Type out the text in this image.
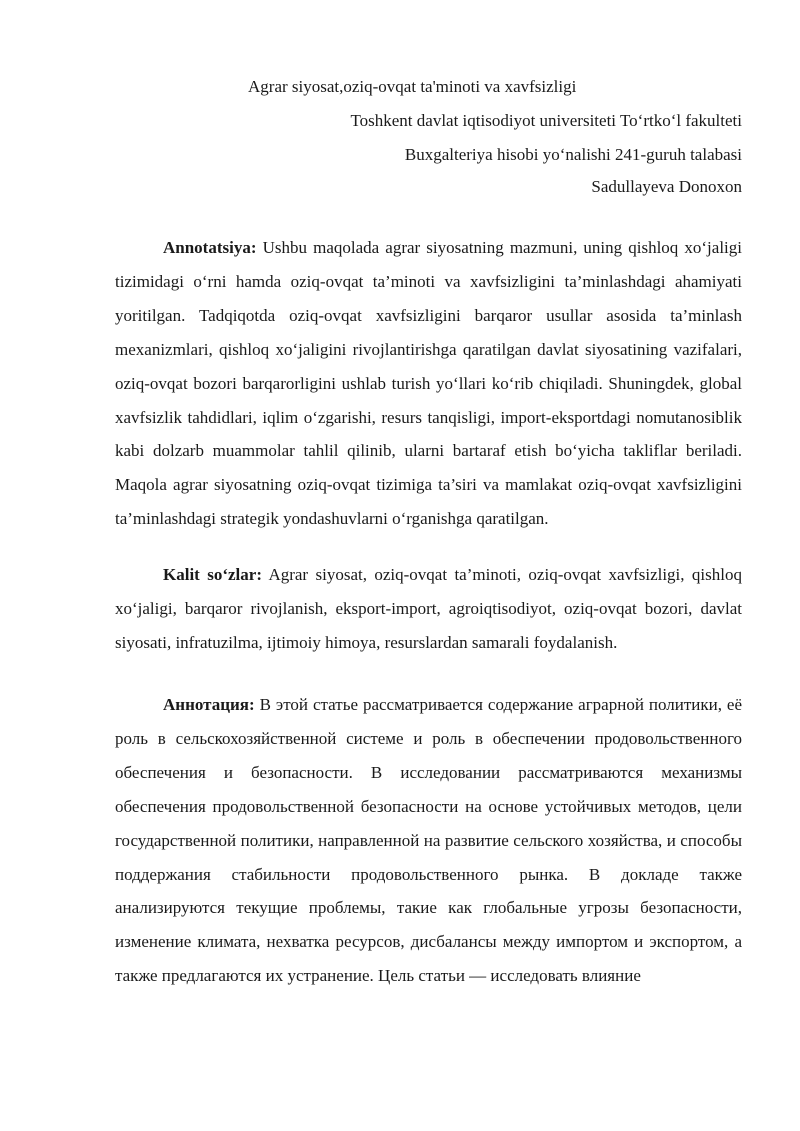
Agrar siyosat,oziq-ovqat ta'minoti va xavfsizligi
Toshkent davlat iqtisodiyot universiteti To‘rtko‘l fakulteti
Buxgalteriya hisobi yo‘nalishi 241-guruh talabasi
Sadullayeva Donoxon

Annotatsiya: Ushbu maqolada agrar siyosatning mazmuni, uning qishloq xo‘jaligi tizimidagi o‘rni hamda oziq-ovqat ta’minoti va xavfsizligini ta’minlashdagi ahamiyati yoritilgan. Tadqiqotda oziq-ovqat xavfsizligini barqaror usullar asosida ta’minlash mexanizmlari, qishloq xo‘jaligini rivojlantirishga qaratilgan davlat siyosatining vazifalari, oziq-ovqat bozori barqarorligini ushlab turish yo‘llari ko‘rib chiqiladi. Shuningdek, global xavfsizlik tahdidlari, iqlim o‘zgarishi, resurs tanqisligi, import-eksportdagi nomutanosiblik kabi dolzarb muammolar tahlil qilinib, ularni bartaraf etish bo‘yicha takliflar beriladi. Maqola agrar siyosatning oziq-ovqat tizimiga ta’siri va mamlakat oziq-ovqat xavfsizligini ta’minlashdagi strategik yondashuvlarni o‘rganishga qaratilgan.

Kalit so‘zlar: Agrar siyosat, oziq-ovqat ta’minoti, oziq-ovqat xavfsizligi, qishloq xo‘jaligi, barqaror rivojlanish, eksport-import, agroiqtisodiyot, oziq-ovqat bozori, davlat siyosati, infratuzilma, ijtimoiy himoya, resurslardan samarali foydalanish.

Аннотация: В этой статье рассматривается содержание аграрной политики, её роль в сельскохозяйственной системе и роль в обеспечении продовольственного обеспечения и безопасности. В исследовании рассматриваются механизмы обеспечения продовольственной безопасности на основе устойчивых методов, цели государственной политики, направленной на развитие сельского хозяйства, и способы поддержания стабильности продовольственного рынка. В докладе также анализируются текущие проблемы, такие как глобальные угрозы безопасности, изменение климата, нехватка ресурсов, дисбалансы между импортом и экспортом, а также предлагаются их устранение. Цель статьи — исследовать влияние
